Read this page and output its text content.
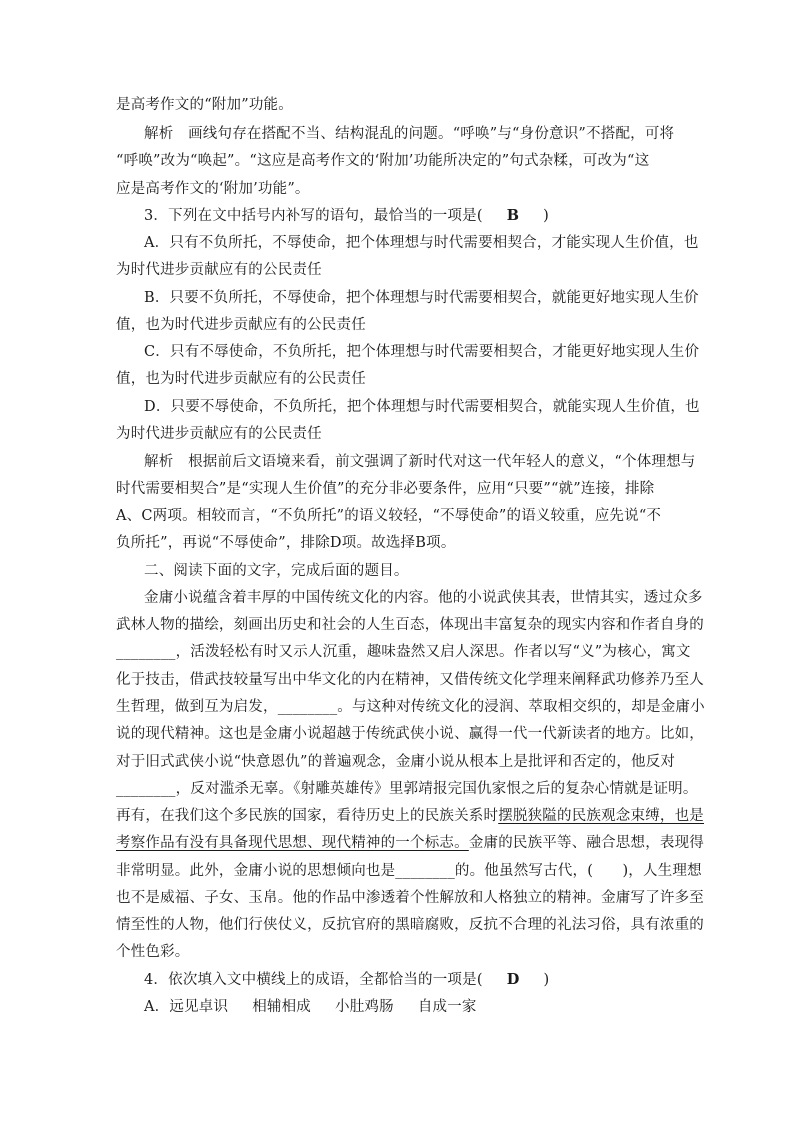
是高考作文的“附加”功能。
解析　画线句存在搭配不当、结构混乱的问题。“呼唤”与“身份意识”不搭配，可将
“呼唤”改为“唤起”。“这应是高考作文的‘附加’功能所决定的”句式杂糅，可改为“这
应是高考作文的‘附加’功能”。
3．下列在文中括号内补写的语句，最恰当的一项是( B )
A．只有不负所托，不辱使命，把个体理想与时代需要相契合，才能实现人生价值，也
为时代进步贡献应有的公民责任
B．只要不负所托，不辱使命，把个体理想与时代需要相契合，就能更好地实现人生价
值，也为时代进步贡献应有的公民责任
C．只有不辱使命，不负所托，把个体理想与时代需要相契合，才能更好地实现人生价
值，也为时代进步贡献应有的公民责任
D．只要不辱使命，不负所托，把个体理想与时代需要相契合，就能实现人生价值，也
为时代进步贡献应有的公民责任
解析　根据前后文语境来看，前文强调了新时代对这一代年轻人的意义，“个体理想与
时代需要相契合”是“实现人生价值”的充分非必要条件，应用“只要”“就”连接，排除
A、C两项。相较而言，“不负所托”的语义较轻，“不辱使命”的语义较重，应先说“不
负所托”，再说“不辱使命”，排除D项。故选择B项。
二、阅读下面的文字，完成后面的题目。
金庸小说蕴含着丰厚的中国传统文化的内容。他的小说武侠其表，世情其实，透过众多
武林人物的描绘，刻画出历史和社会的人生百态，体现出丰富复杂的现实内容和作者自身的
________，活泼轻松有时又示人沉重，趣味盎然又启人深思。作者以写“义”为核心，寓文
化于技击，借武技较量写出中华文化的内在精神，又借传统文化学理来阐释武功修养乃至人
生哲理，做到互为启发，________。与这种对传统文化的浸润、萃取相交织的，却是金庸小
说的现代精神。这也是金庸小说超越于传统武侠小说、赢得一代一代新读者的地方。比如，
对于旧式武侠小说“快意恩仇”的普遍观念，金庸小说从根本上是批评和否定的，他反对
________，反对滥杀无辜。《射雕英雄传》里郭靖报完国仇家恨之后的复杂心情就是证明。
再有，在我们这个多民族的国家，看待历史上的民族关系时摆脱狭隘的民族观念束缚，也是
考察作品有没有具备现代思想、现代精神的一个标志。金庸的民族平等、融合思想，表现得
非常明显。此外，金庸小说的思想倾向也是________的。他虽然写古代，(　　)，人生理想
也不是威福、子女、玉帛。他的作品中渗透着个性解放和人格独立的精神。金庸写了许多至
情至性的人物，他们行侠仗义，反抗官府的黑暗腐败，反抗不合理的礼法习俗，具有浓重的
个性色彩。
4．依次填入文中横线上的成语，全都恰当的一项是( D )
A．远见卓识 相辅相成 小肚鸡肠 自成一家
